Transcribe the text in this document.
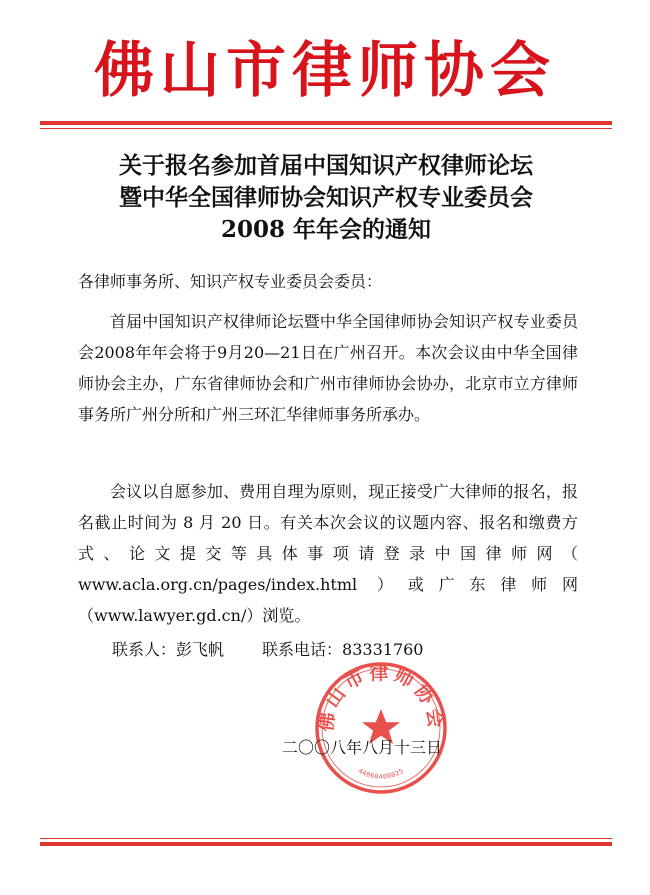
佛山市律师协会
关于报名参加首届中国知识产权律师论坛
暨中华全国律师协会知识产权专业委员会
2008 年年会的通知

各律师事务所、知识产权专业委员会委员：

首届中国知识产权律师论坛暨中华全国律师协会知识产权专业委员会2008年年会将于9月20—21日在广州召开。本次会议由中华全国律师协会主办，广东省律师协会和广州市律师协会协办，北京市立方律师事务所广州分所和广州三环汇华律师事务所承办。

会议以自愿参加、费用自理为原则，现正接受广大律师的报名，报名截止时间为 8 月 20 日。有关本次会议的议题内容、报名和缴费方式、论文提交等具体事项请登录中国律师网（ www.acla.org.cn/pages/index.html ）或广东律师网（www.lawyer.gd.cn/）浏览。

联系人：彭飞帆 联系电话：83331760
佛山市律师协会
44060400025
二〇〇八年八月十三日
